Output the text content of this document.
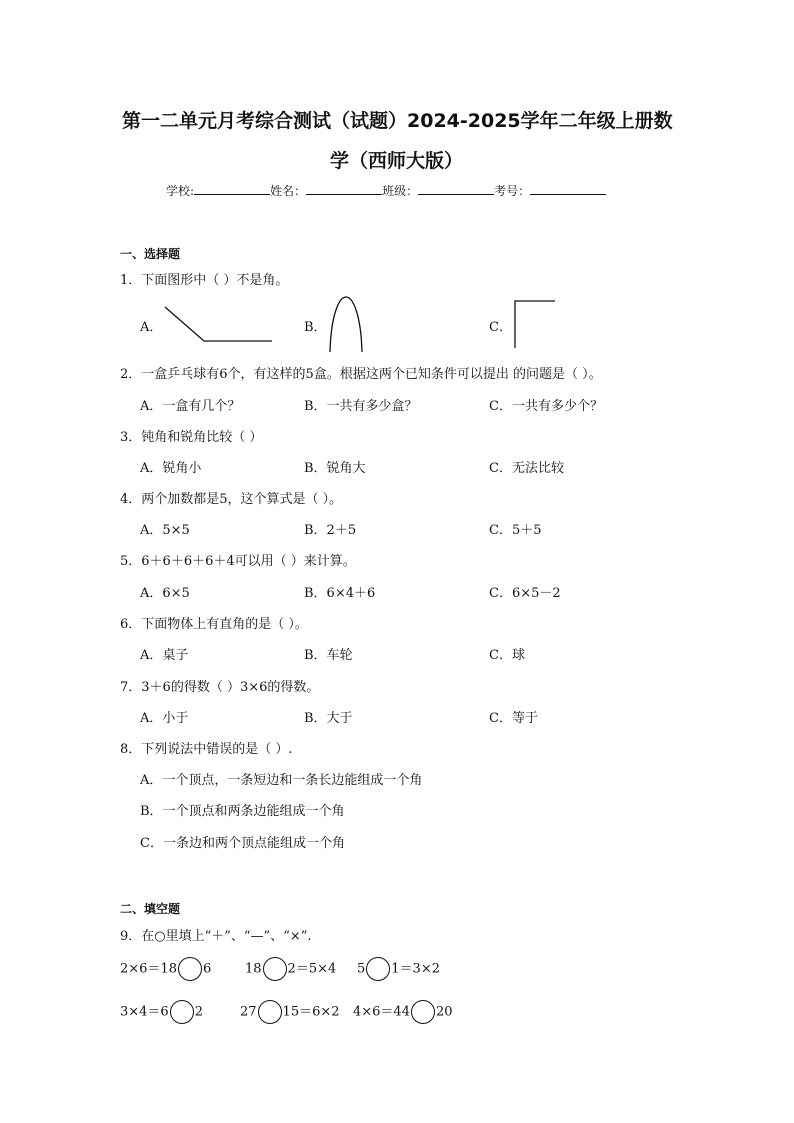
第一二单元月考综合测试（试题）2024-2025学年二年级上册数
学（西师大版）
学校:	姓名：	班级：	考号：
一、选择题
1．下面图形中（ ）不是角。
A．	B．	C．
2．一盒乒乓球有6个，有这样的5盒。根据这两个已知条件可以提出 的问题是（ ）。
A．一盒有几个？	B．一共有多少盒？	C．一共有多少个？
3．钝角和锐角比较（ ）
A．锐角小	B．锐角大	C．无法比较
4．两个加数都是5，这个算式是（ ）。
A．5×5	B．2＋5	C．5＋5
5．6＋6＋6＋6＋4可以用（ ）来计算。
A．6×5	B．6×4＋6	C．6×5－2
6．下面物体上有直角的是（ ）。
A．桌子	B．车轮	C．球
7．3＋6的得数（ ）3×6的得数。
A．小于	B．大于	C．等于
8．下列说法中错误的是（ ）.
A．一个顶点，一条短边和一条长边能组成一个角
B．一个顶点和两条边能组成一个角
C．一条边和两个顶点能组成一个角
二、填空题
9．在○里填上“＋”、“—”、“×”.
2×6＝18 6	18 2＝5×4 5 1＝3×2
3×4＝6 2	27 15＝6×2 4×6＝44 20
